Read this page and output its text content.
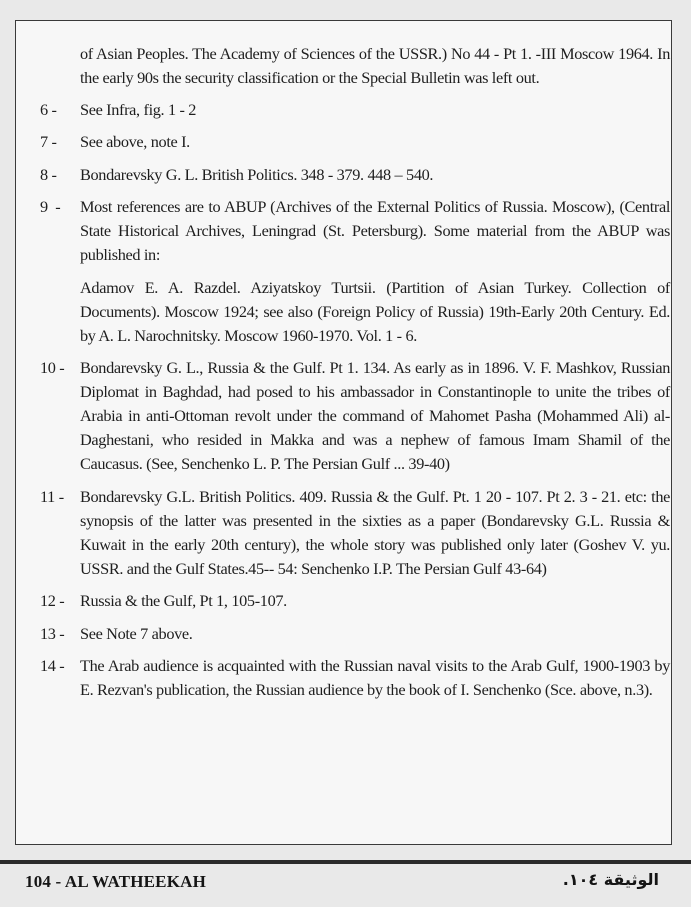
of Asian Peoples. The Academy of Sciences of the USSR.) No 44 - Pt 1. -III Moscow 1964. In the early 90s the security classification or the Special Bulletin was left out.

6 - See Infra, fig. 1 - 2

7 - See above, note I.

8 - Bondarevsky G. L. British Politics. 348 - 379. 448 – 540.

9  - Most references are to ABUP (Archives of the External Politics of Russia. Moscow), (Central State Historical Archives, Leningrad (St. Petersburg). Some material from the ABUP was published in:

Adamov E. A. Razdel. Aziyatskoy Turtsii. (Partition of Asian Turkey. Collection of Documents). Moscow 1924; see also (Foreign Policy of Russia) 19th-Early 20th Century. Ed. by A. L. Narochnitsky. Moscow 1960-1970. Vol. 1 - 6.

10 - Bondarevsky G. L., Russia & the Gulf. Pt 1. 134. As early as in 1896. V. F. Mashkov, Russian Diplomat in Baghdad, had posed to his ambassador in Constantinople to unite the tribes of Arabia in anti-Ottoman revolt under the command of Mahomet Pasha (Mohammed Ali) al-Daghestani, who resided in Makka and was a nephew of famous Imam Shamil of the Caucasus. (See, Senchenko L. P. The Persian Gulf ... 39-40)

11 - Bondarevsky G.L. British Politics. 409. Russia & the Gulf. Pt. 1 20 - 107. Pt 2. 3 - 21. etc: the synopsis of the latter was presented in the sixties as a paper (Bondarevsky G.L. Russia & Kuwait in the early 20th century), the whole story was published only later (Goshev V. yu. USSR. and the Gulf States.45-- 54: Senchenko I.P. The Persian Gulf 43-64)

12 - Russia & the Gulf, Pt 1, 105-107.

13 - See Note 7 above.

14 - The Arab audience is acquainted with the Russian naval visits to the Arab Gulf, 1900-1903 by E. Rezvan's publication, the Russian audience by the book of I. Senchenko (Sce. above, n.3).

104 - AL WATHEEKAH	الوثيقة ١٠٤.
